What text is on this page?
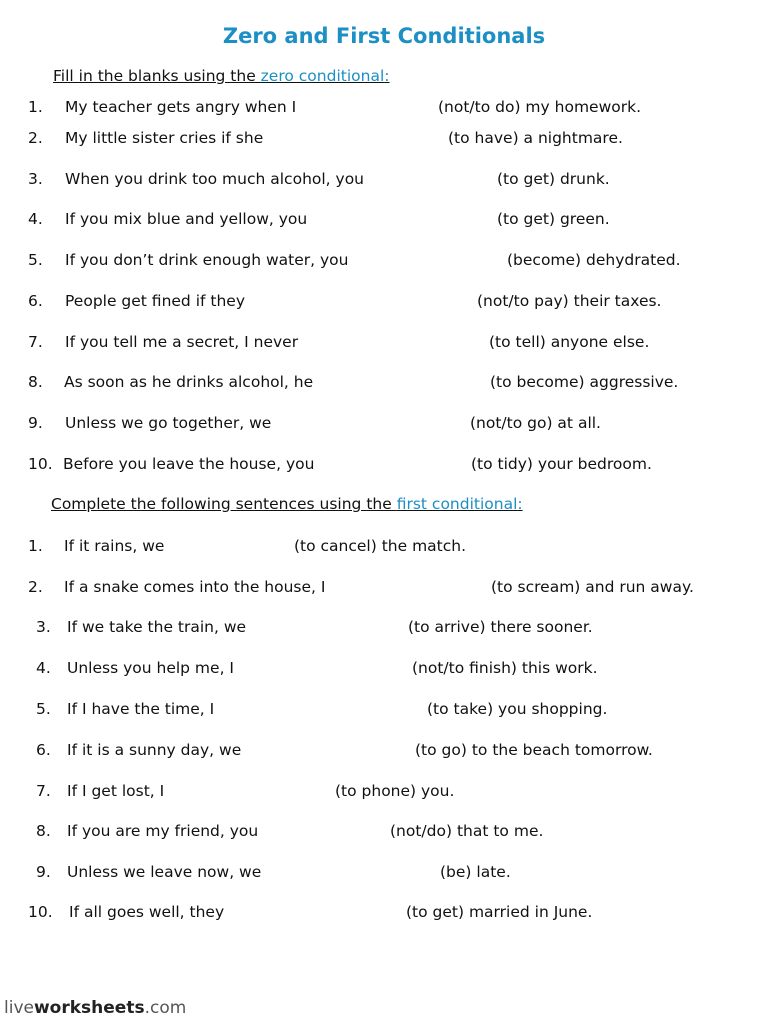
Zero and First Conditionals
Fill in the blanks using the zero conditional:
1. My teacher gets angry when I	(not/to do) my homework.
2. My little sister cries if she	(to have) a nightmare.
3. When you drink too much alcohol, you	(to get) drunk.
4. If you mix blue and yellow, you	(to get) green.
5. If you don’t drink enough water, you	(become) dehydrated.
6. People get fined if they	(not/to pay) their taxes.
7. If you tell me a secret, I never	(to tell) anyone else.
8. As soon as he drinks alcohol, he	(to become) aggressive.
9. Unless we go together, we	(not/to go) at all.
10. Before you leave the house, you	(to tidy) your bedroom.
Complete the following sentences using the first conditional:
1. If it rains, we	(to cancel) the match.
2. If a snake comes into the house, I	(to scream) and run away.
3. If we take the train, we	(to arrive) there sooner.
4. Unless you help me, I	(not/to finish) this work.
5. If I have the time, I	(to take) you shopping.
6. If it is a sunny day, we	(to go) to the beach tomorrow.
7. If I get lost, I	(to phone) you.
8. If you are my friend, you	(not/do) that to me.
9. Unless we leave now, we	(be) late.
10. If all goes well, they	(to get) married in June.
liveworksheets.com
